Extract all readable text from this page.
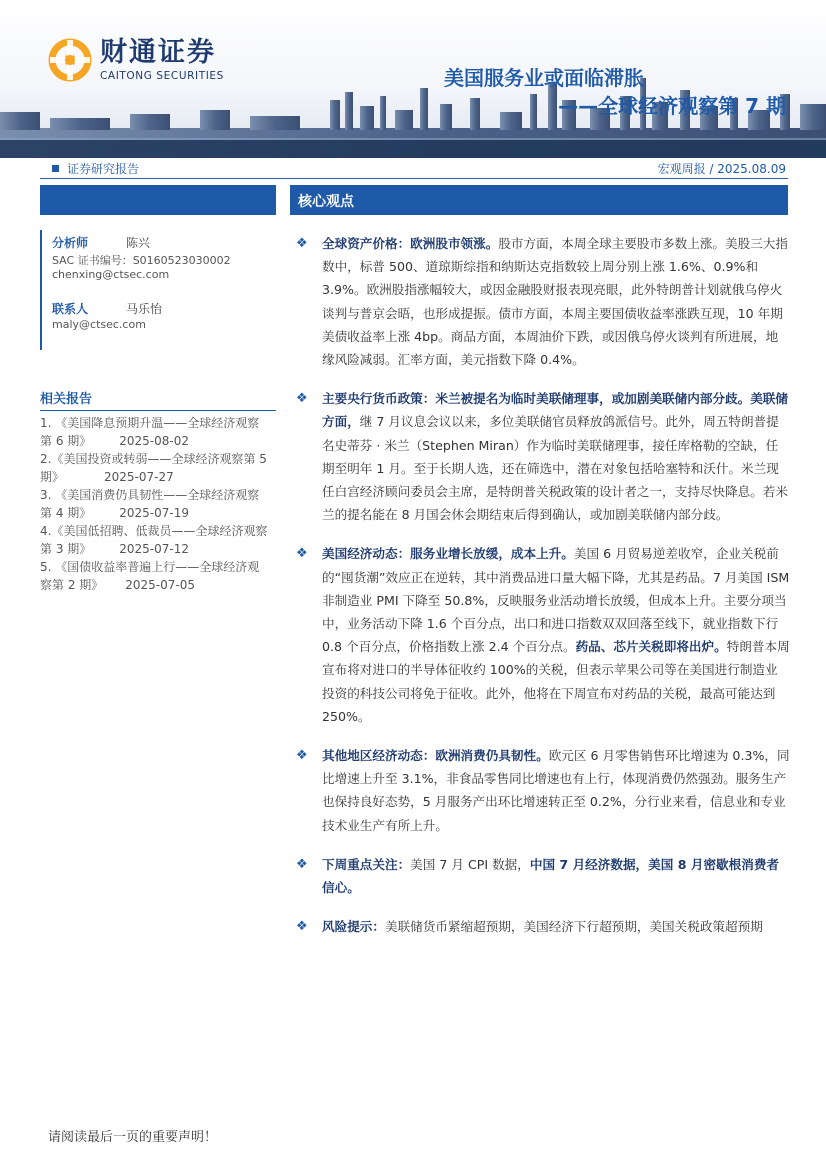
财通证券
CAITONG SECURITIES	美国服务业或面临滞胀
——全球经济观察第 7 期
证券研究报告	宏观周报 / 2025.08.09
核心观点
分析师	陈兴
SAC 证书编号：S0160523030002
chenxing@ctsec.com
联系人	马乐怡
maly@ctsec.com
相关报告
1. 《美国降息预期升温——全球经济观察
第 6 期》 2025-08-02
2.《美国投资或转弱——全球经济观察第 5
期》	2025-07-27
3. 《美国消费仍具韧性——全球经济观察
第 4 期》 2025-07-19
4.《美国低招聘、低裁员——全球经济观察
第 3 期》 2025-07-12
5. 《国债收益率普遍上行——全球经济观
察第 2 期》 2025-07-05
❖ 全球资产价格：欧洲股市领涨。股市方面，本周全球主要股市多数上涨。美股三大指数中，标普 500、道琼斯综指和纳斯达克指数较上周分别上涨 1.6%、0.9%和 3.9%。欧洲股指涨幅较大，或因金融股财报表现亮眼，此外特朗普计划就俄乌停火谈判与普京会晤，也形成提振。债市方面，本周主要国债收益率涨跌互现，10 年期美债收益率上涨 4bp。商品方面，本周油价下跌，或因俄乌停火谈判有所进展，地缘风险减弱。汇率方面，美元指数下降 0.4%。
❖ 主要央行货币政策：米兰被提名为临时美联储理事，或加剧美联储内部分歧。美联储方面，继 7 月议息会议以来，多位美联储官员释放鸽派信号。此外，周五特朗普提名史蒂芬 · 米兰（Stephen Miran）作为临时美联储理事，接任库格勒的空缺，任期至明年 1 月。至于长期人选，还在筛选中，潜在对象包括哈塞特和沃什。米兰现任白宫经济顾问委员会主席，是特朗普关税政策的设计者之一，支持尽快降息。若米兰的提名能在 8 月国会休会期结束后得到确认，或加剧美联储内部分歧。
❖ 美国经济动态：服务业增长放缓，成本上升。美国 6 月贸易逆差收窄，企业关税前的“囤货潮”效应正在逆转，其中消费品进口量大幅下降，尤其是药品。7 月美国 ISM 非制造业 PMI 下降至 50.8%，反映服务业活动增长放缓，但成本上升。主要分项当中，业务活动下降 1.6 个百分点，出口和进口指数双双回落至线下，就业指数下行 0.8 个百分点，价格指数上涨 2.4 个百分点。药品、芯片关税即将出炉。特朗普本周宣布将对进口的半导体征收约 100%的关税，但表示苹果公司等在美国进行制造业投资的科技公司将免于征收。此外，他将在下周宣布对药品的关税，最高可能达到 250%。
❖ 其他地区经济动态：欧洲消费仍具韧性。欧元区 6 月零售销售环比增速为 0.3%，同比增速上升至 3.1%，非食品零售同比增速也有上行，体现消费仍然强劲。服务生产也保持良好态势，5 月服务产出环比增速转正至 0.2%，分行业来看，信息业和专业技术业生产有所上升。
❖ 下周重点关注：美国 7 月 CPI 数据，中国 7 月经济数据，美国 8 月密歇根消费者信心。
❖ 风险提示：美联储货币紧缩超预期，美国经济下行超预期，美国关税政策超预期
请阅读最后一页的重要声明！
